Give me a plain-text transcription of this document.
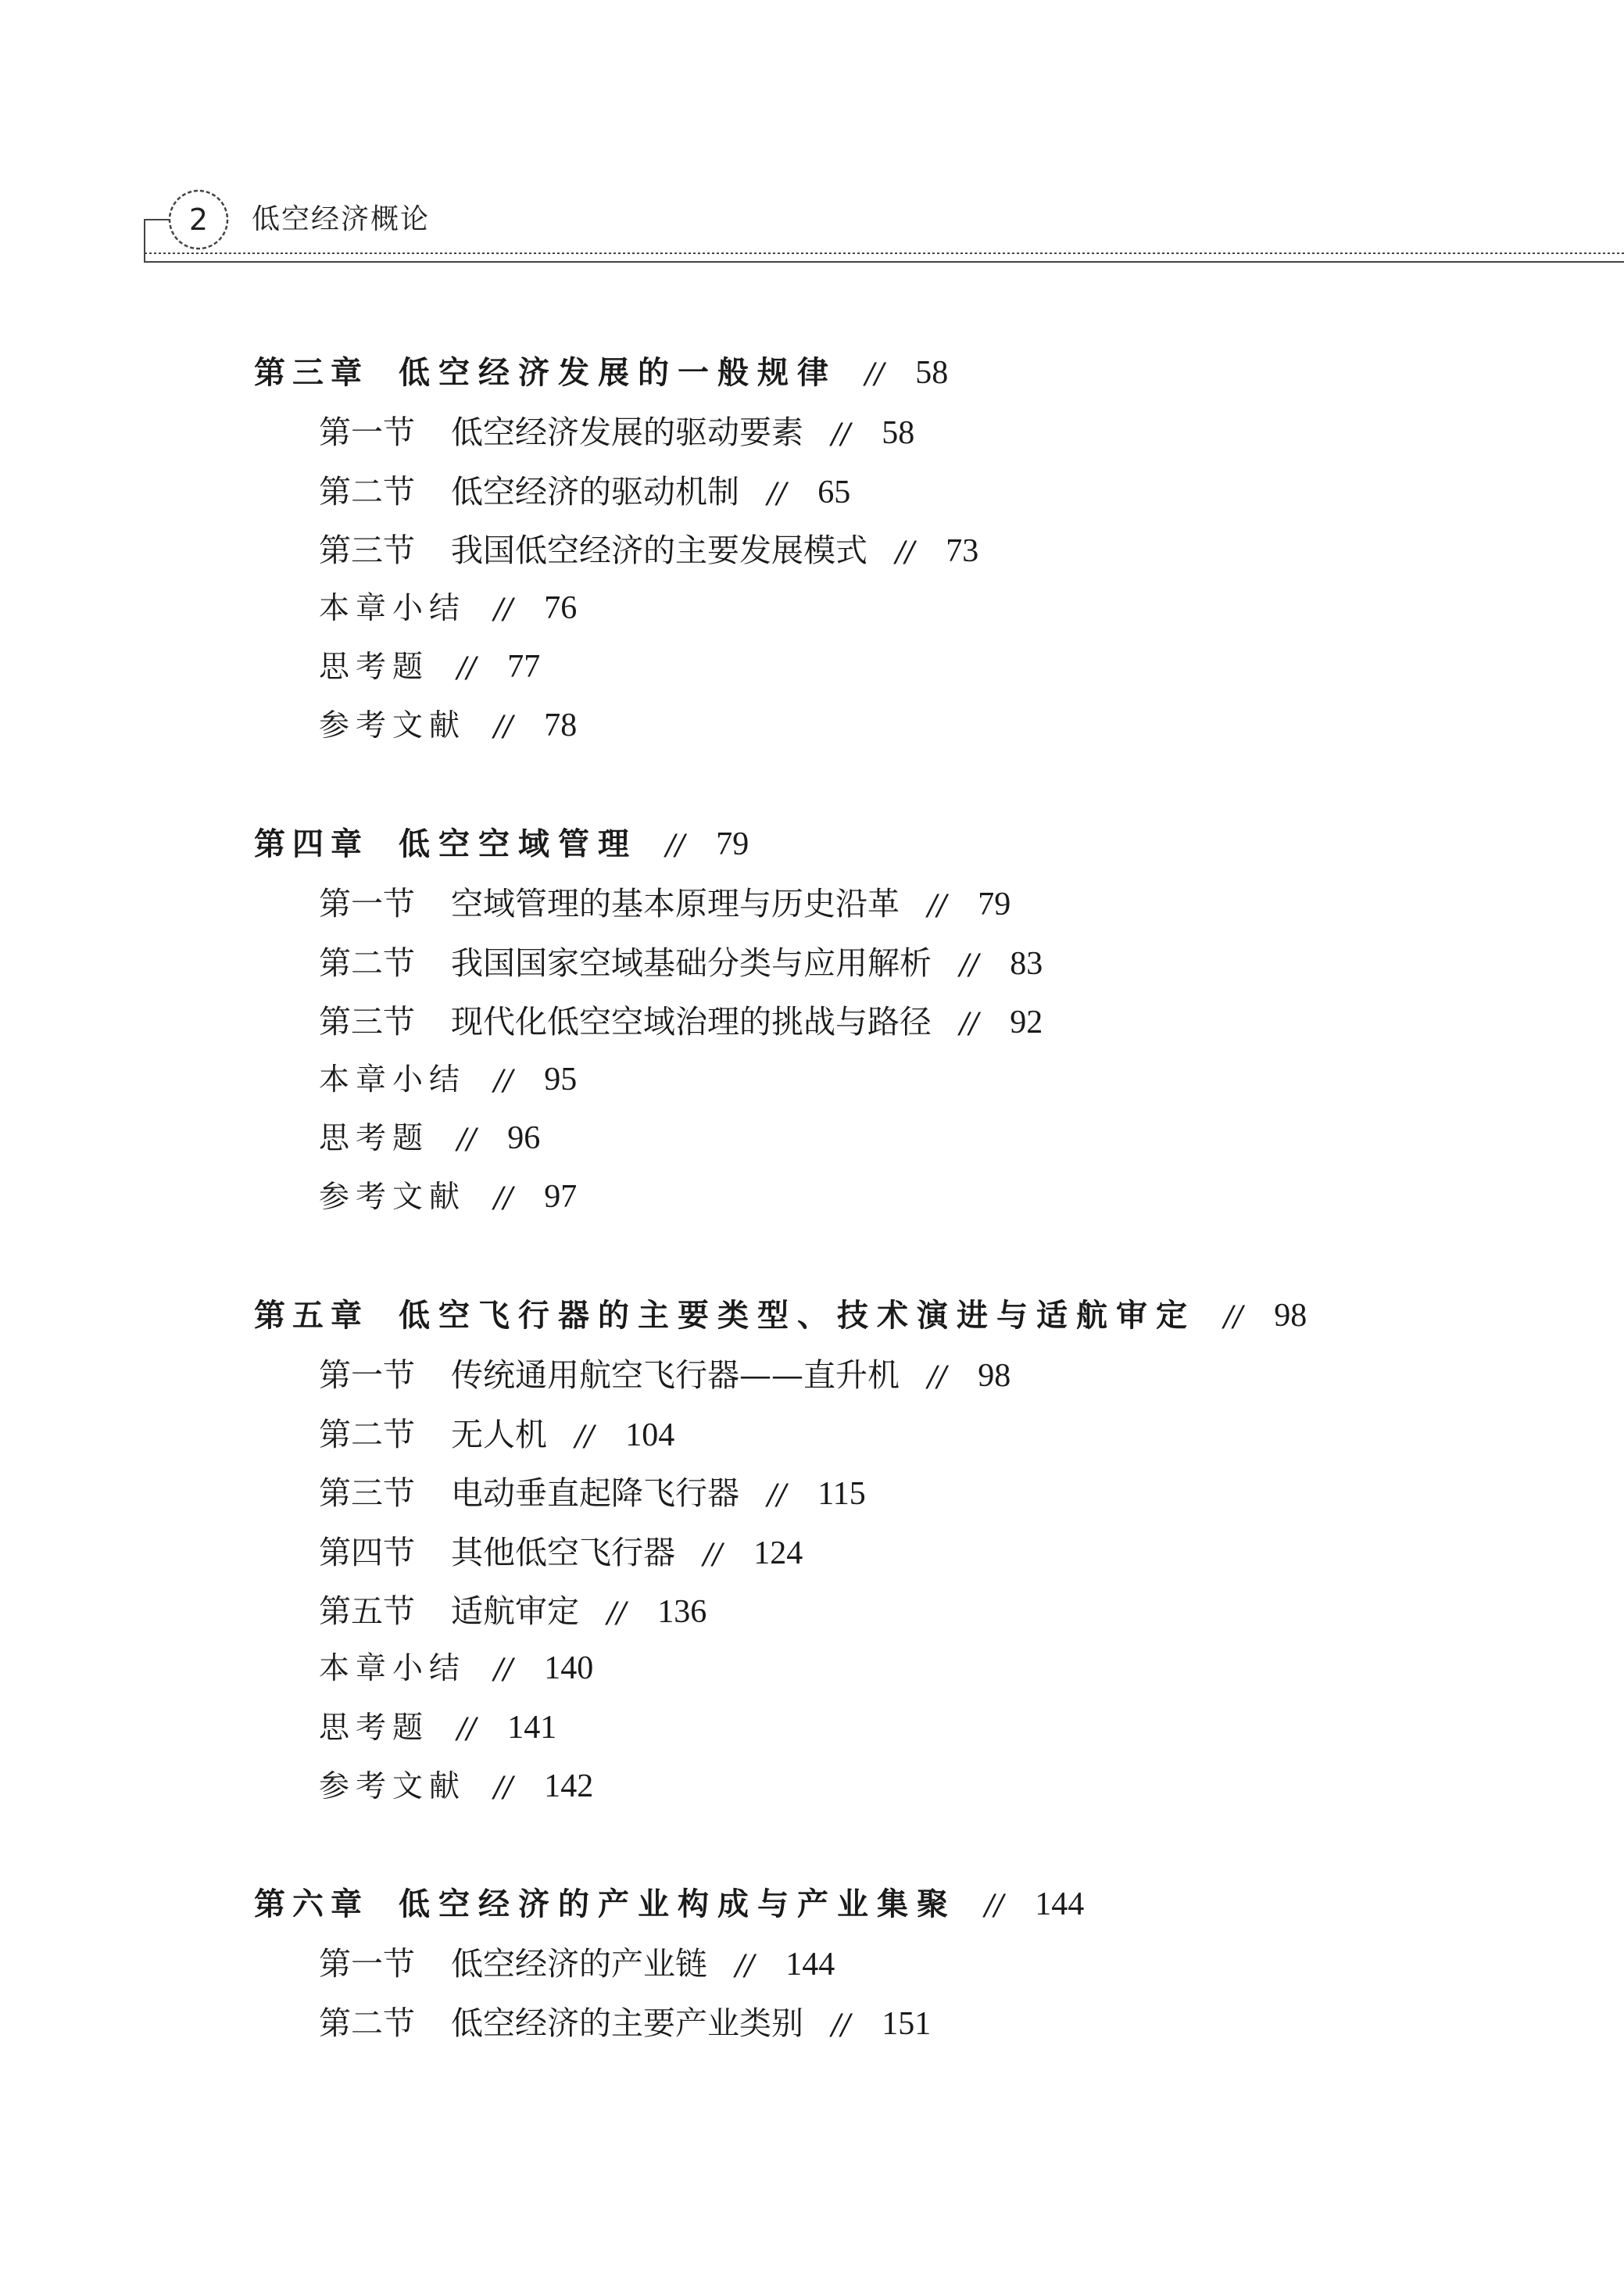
2	低空经济概论
第三章 低空经济发展的一般规律 // 58
第一节 低空经济发展的驱动要素 // 58
第二节 低空经济的驱动机制 // 65
第三节 我国低空经济的主要发展模式 // 73
本章小结 // 76
思考题 // 77
参考文献 // 78
第四章 低空空域管理 // 79
第一节 空域管理的基本原理与历史沿革 // 79
第二节 我国国家空域基础分类与应用解析 // 83
第三节 现代化低空空域治理的挑战与路径 // 92
本章小结 // 95
思考题 // 96
参考文献 // 97
第五章 低空飞行器的主要类型、技术演进与适航审定 // 98
第一节 传统通用航空飞行器——直升机 // 98
第二节 无人机 // 104
第三节 电动垂直起降飞行器 // 115
第四节 其他低空飞行器 // 124
第五节 适航审定 // 136
本章小结 // 140
思考题 // 141
参考文献 // 142
第六章 低空经济的产业构成与产业集聚 // 144
第一节 低空经济的产业链 // 144
第二节 低空经济的主要产业类别 // 151
